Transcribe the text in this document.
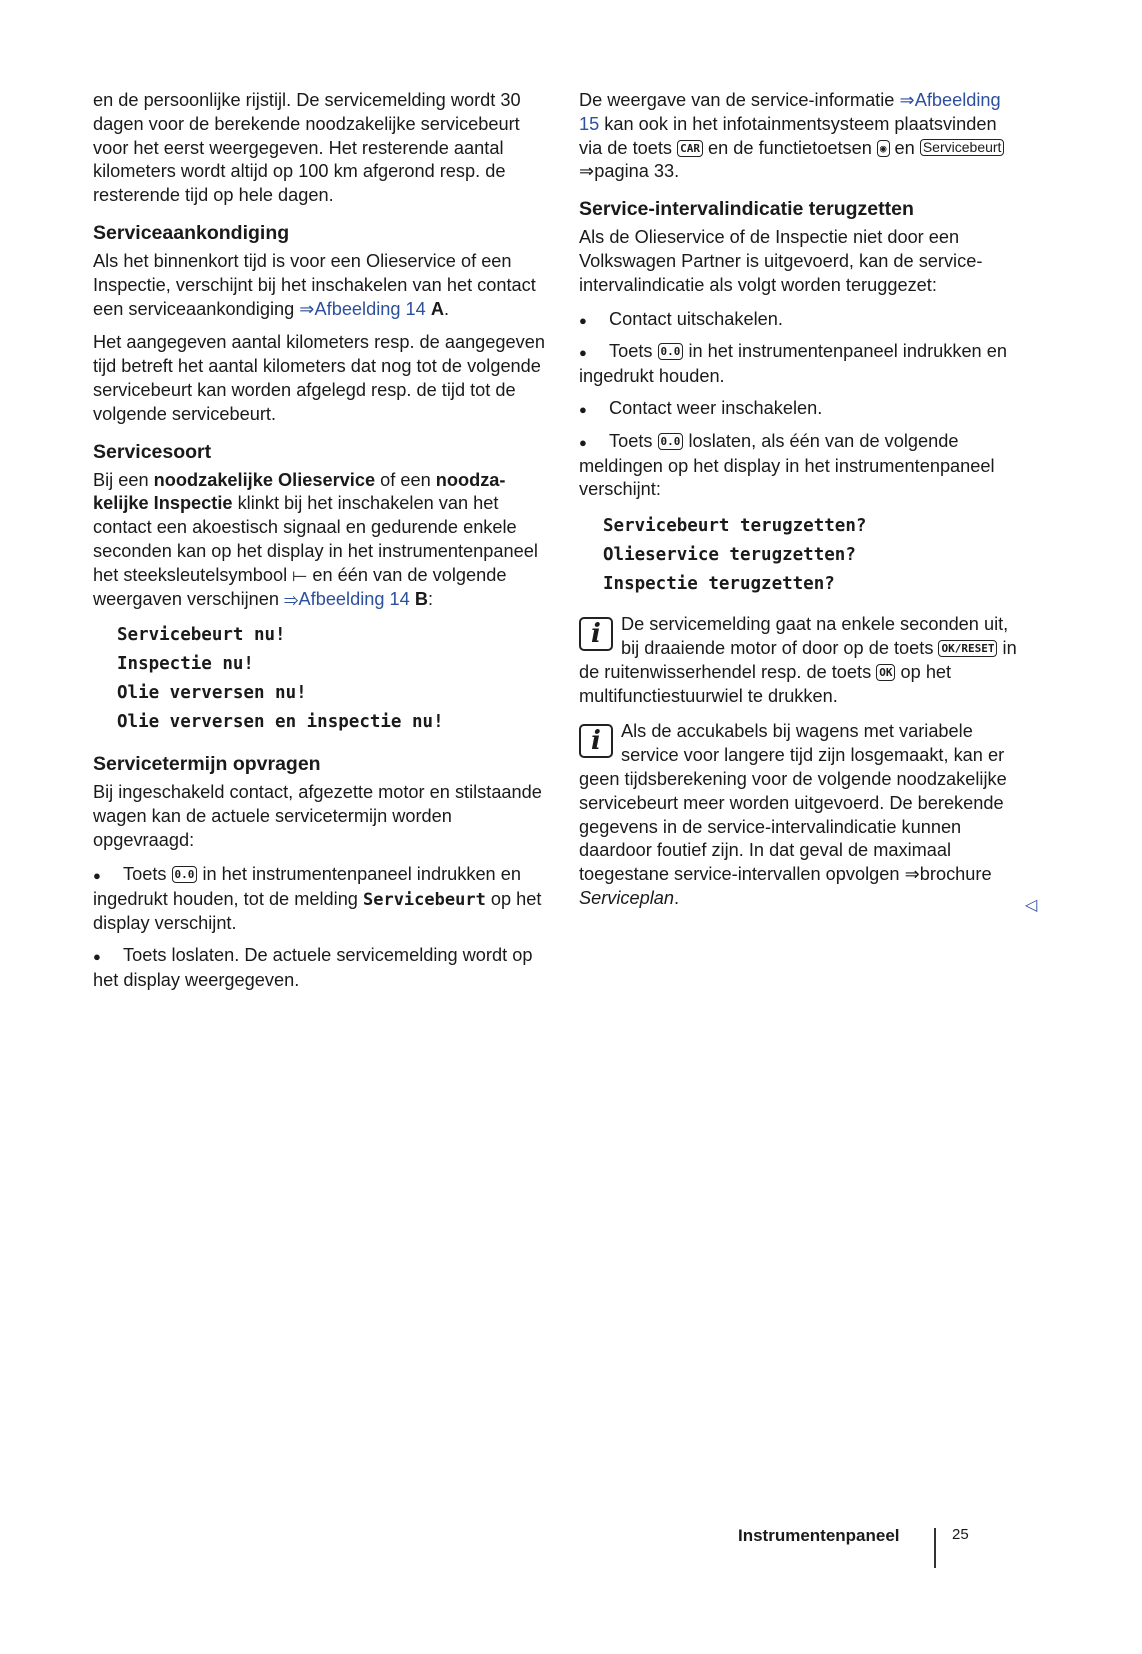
en de persoonlijke rijstijl. De servicemelding wordt 30 dagen voor de berekende noodzakelijke servicebeurt voor het eerst weergegeven. Het resterende aantal kilometers wordt altijd op 100 km afgerond resp. de resterende tijd op hele dagen.

Serviceaankondiging

Als het binnenkort tijd is voor een Olieservice of een Inspectie, verschijnt bij het inschakelen van het contact een serviceaankondiging ⇒Afbeelding 14 A.

Het aangegeven aantal kilometers resp. de aangegeven tijd betreft het aantal kilometers dat nog tot de volgende servicebeurt kan worden afgelegd resp. de tijd tot de volgende servicebeurt.

Servicesoort

Bij een noodzakelijke Olieservice of een noodzakelijke Inspectie klinkt bij het inschakelen van het contact een akoestisch signaal en gedurende enkele seconden kan op het display in het instrumentenpaneel het steeksleutelsymbool ⟝ en één van de volgende weergaven verschijnen ⇒Afbeelding 14 B:

Servicebeurt nu!
Inspectie nu!
Olie verversen nu!
Olie verversen en inspectie nu!
Servicetermijn opvragen

Bij ingeschakeld contact, afgezette motor en stilstaande wagen kan de actuele servicetermijn worden opgevraagd:

● Toets 0.0 in het instrumentenpaneel indrukken en ingedrukt houden, tot de melding Servicebeurt op het display verschijnt.
● Toets loslaten. De actuele servicemelding wordt op het display weergegeven.

De weergave van de service-informatie ⇒Afbeelding 15 kan ook in het infotainmentsysteem plaatsvinden via de toets CAR en de functietoetsen ◉ en Servicebeurt ⇒pagina 33.

Service-intervalindicatie terugzetten

Als de Olieservice of de Inspectie niet door een Volkswagen Partner is uitgevoerd, kan de serviceintervalindicatie als volgt worden teruggezet:

● Contact uitschakelen.
● Toets 0.0 in het instrumentenpaneel indrukken en ingedrukt houden.
● Contact weer inschakelen.
● Toets 0.0 loslaten, als één van de volgende meldingen op het display in het instrumentenpaneel verschijnt:
Servicebeurt terugzetten?
Olieservice terugzetten?
Inspectie terugzetten?
i	De servicemelding gaat na enkele seconden uit, bij draaiende motor of door op de toets OK/RESET in de ruitenwisserhendel resp. de toets OK op het multifunctiestuurwiel te drukken.
i	Als de accukabels bij wagens met variabele service voor langere tijd zijn losgemaakt, kan er geen tijdsberekening voor de volgende noodzakelijke servicebeurt meer worden uitgevoerd. De berekende gegevens in de service-intervalindicatie kunnen daardoor foutief zijn. In dat geval de maximaal toegestane service-intervallen opvolgen ⇒brochure Serviceplan.	◁
Instrumentenpaneel	25
